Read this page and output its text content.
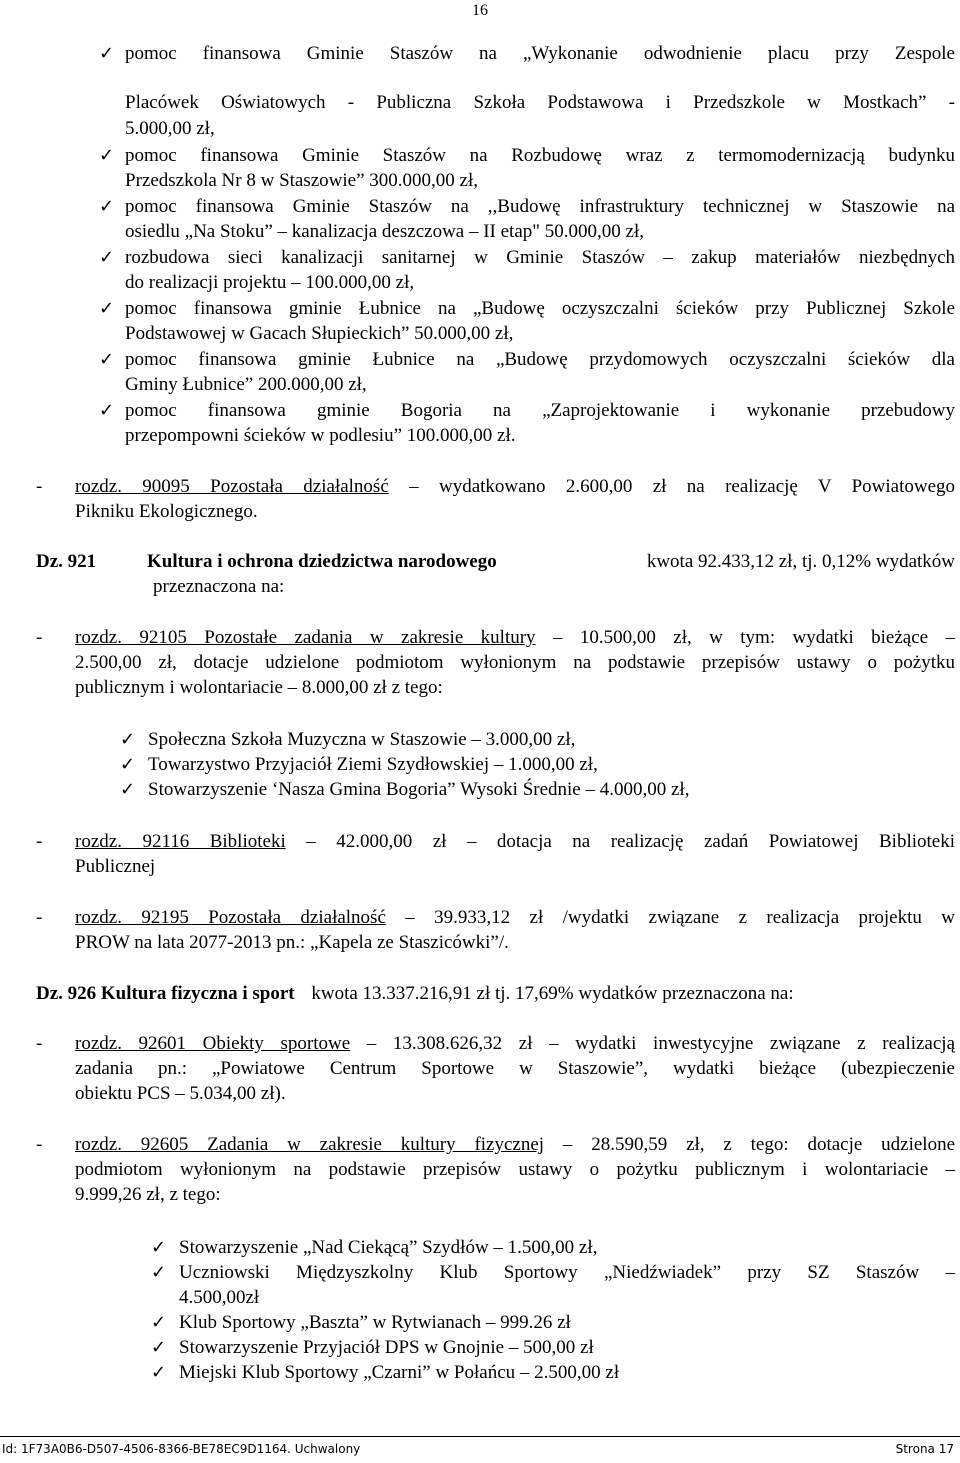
16
✓ pomoc finansowa Gminie Staszów na „Wykonanie odwodnienie placu przy Zespole
Placówek Oświatowych - Publiczna Szkoła Podstawowa i Przedszkole w Mostkach” -
5.000,00 zł,
✓ pomoc finansowa Gminie Staszów na Rozbudowę wraz z termomodernizacją budynku
Przedszkola Nr 8 w Staszowie” 300.000,00 zł,
✓ pomoc finansowa Gminie Staszów na ,,Budowę infrastruktury technicznej w Staszowie na
osiedlu „Na Stoku” – kanalizacja deszczowa – II etap" 50.000,00 zł,
✓ rozbudowa sieci kanalizacji sanitarnej w Gminie Staszów – zakup materiałów niezbędnych
do realizacji projektu – 100.000,00 zł,
✓ pomoc finansowa gminie Łubnice na „Budowę oczyszczalni ścieków przy Publicznej Szkole
Podstawowej w Gacach Słupieckich” 50.000,00 zł,
✓ pomoc finansowa gminie Łubnice na „Budowę przydomowych oczyszczalni ścieków dla
Gminy Łubnice” 200.000,00 zł,
✓ pomoc finansowa gminie Bogoria na „Zaprojektowanie i wykonanie przebudowy
przepompowni ścieków w podlesiu” 100.000,00 zł.
- rozdz. 90095 Pozostała działalność – wydatkowano 2.600,00 zł na realizację V Powiatowego
Pikniku Ekologicznego.
Dz. 921	Kultura i ochrona dziedzictwa narodowego	kwota 92.433,12 zł, tj. 0,12% wydatków
przeznaczona na:
- rozdz. 92105 Pozostałe zadania w zakresie kultury – 10.500,00 zł, w tym: wydatki bieżące –
2.500,00 zł, dotacje udzielone podmiotom wyłonionym na podstawie przepisów ustawy o pożytku
publicznym i wolontariacie – 8.000,00 zł z tego:
✓ Społeczna Szkoła Muzyczna w Staszowie – 3.000,00 zł,
✓ Towarzystwo Przyjaciół Ziemi Szydłowskiej – 1.000,00 zł,
✓ Stowarzyszenie ‘Nasza Gmina Bogoria” Wysoki Średnie – 4.000,00 zł,
- rozdz. 92116 Biblioteki – 42.000,00 zł – dotacja na realizację zadań Powiatowej Biblioteki
Publicznej
- rozdz. 92195 Pozostała działalność – 39.933,12 zł /wydatki związane z realizacja projektu w
PROW na lata 2077-2013 pn.: „Kapela ze Staszicówki”/.
Dz. 926 Kultura fizyczna i sport kwota 13.337.216,91 zł tj. 17,69% wydatków przeznaczona na:
- rozdz. 92601 Obiekty sportowe – 13.308.626,32 zł – wydatki inwestycyjne związane z realizacją
zadania pn.: „Powiatowe Centrum Sportowe w Staszowie”, wydatki bieżące (ubezpieczenie
obiektu PCS – 5.034,00 zł).
- rozdz. 92605 Zadania w zakresie kultury fizycznej – 28.590,59 zł, z tego: dotacje udzielone
podmiotom wyłonionym na podstawie przepisów ustawy o pożytku publicznym i wolontariacie –
9.999,26 zł, z tego:
✓ Stowarzyszenie „Nad Ciekącą” Szydłów – 1.500,00 zł,
✓ Uczniowski Międzyszkolny Klub Sportowy „Niedźwiadek” przy SZ Staszów –
4.500,00zł
✓ Klub Sportowy „Baszta” w Rytwianach – 999.26 zł
✓ Stowarzyszenie Przyjaciół DPS w Gnojnie – 500,00 zł
✓ Miejski Klub Sportowy „Czarni” w Połańcu – 2.500,00 zł
Id: 1F73A0B6-D507-4506-8366-BE78EC9D1164. Uchwalony	Strona 17
